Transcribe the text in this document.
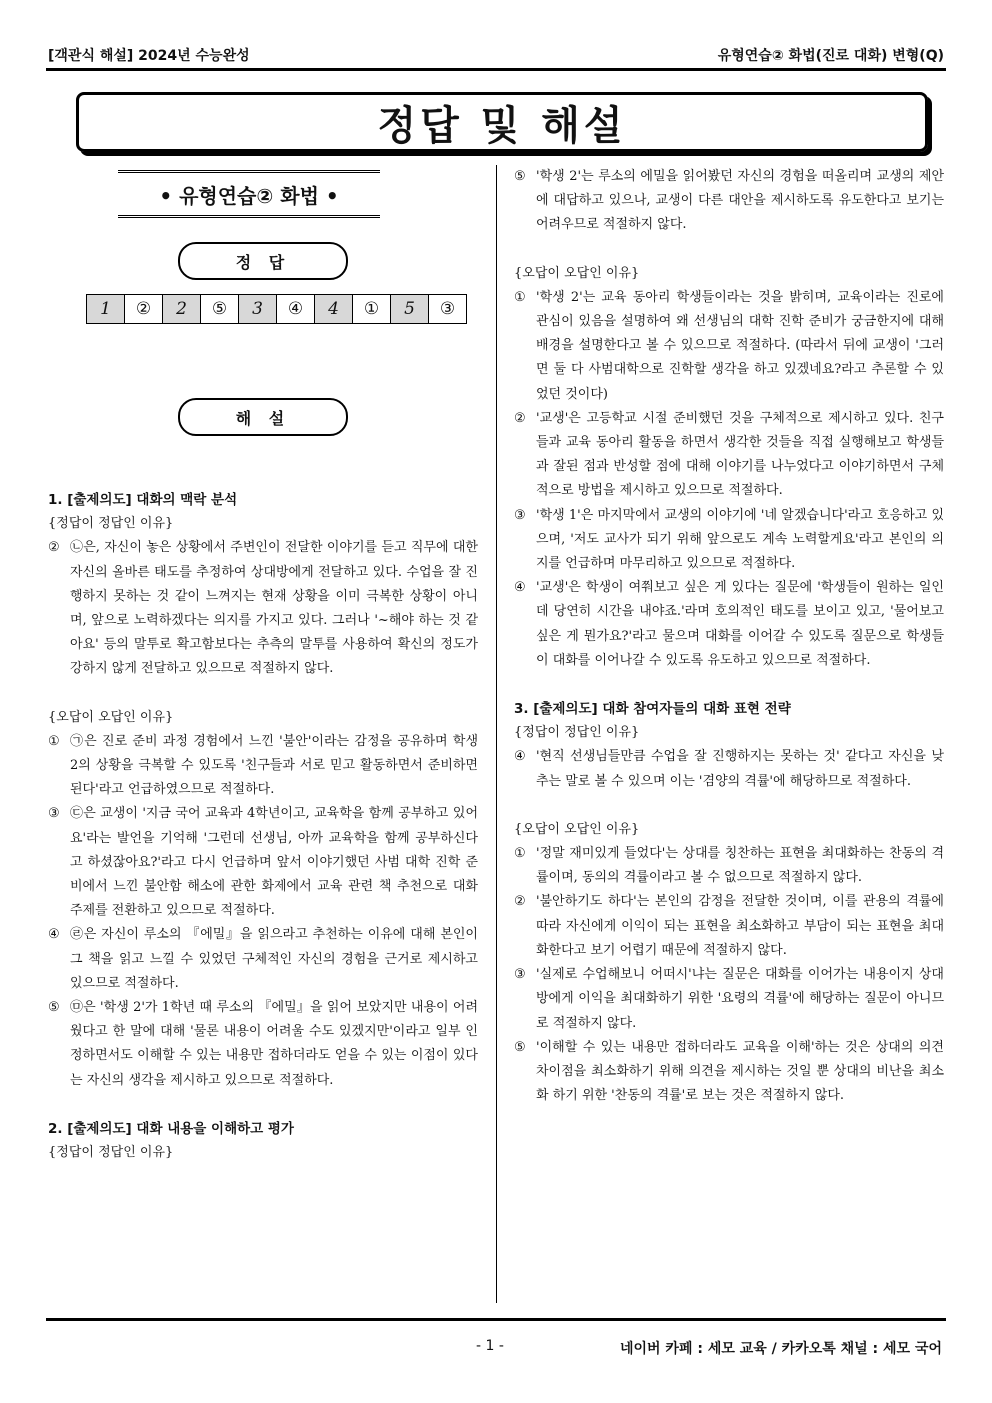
[객관식 해설] 2024년 수능완성	유형연습② 화법(진로 대화) 변형(Q)
정답 및 해설
• 유형연습② 화법 •
정 답
1	②	2	⑤	3	④	4	①	5	③
해 설
1. [출제의도] 대화의 맥락 분석
{정답이 정답인 이유}
② ㉡은, 자신이 놓은 상황에서 주변인이 전달한 이야기를 듣고 직무에 대한 자신의 올바른 태도를 추정하여 상대방에게 전달하고 있다. 수업을 잘 진행하지 못하는 것 같이 느껴지는 현재 상황을 이미 극복한 상황이 아니며, 앞으로 노력하겠다는 의지를 가지고 있다. 그러나 '~해야 하는 것 같아요' 등의 말투로 확고함보다는 추측의 말투를 사용하여 확신의 정도가 강하지 않게 전달하고 있으므로 적절하지 않다.
{오답이 오답인 이유}
① ㉠은 진로 준비 과정 경험에서 느낀 '불안'이라는 감정을 공유하며 학생 2의 상황을 극복할 수 있도록 '친구들과 서로 믿고 활동하면서 준비하면 된다'라고 언급하였으므로 적절하다.
③ ㉢은 교생이 '지금 국어 교육과 4학년이고, 교육학을 함께 공부하고 있어요'라는 발언을 기억해 '그런데 선생님, 아까 교육학을 함께 공부하신다고 하셨잖아요?'라고 다시 언급하며 앞서 이야기했던 사범 대학 진학 준비에서 느낀 불안함 해소에 관한 화제에서 교육 관련 책 추천으로 대화 주제를 전환하고 있으므로 적절하다.
④ ㉣은 자신이 루소의 『에밀』을 읽으라고 추천하는 이유에 대해 본인이 그 책을 읽고 느낄 수 있었던 구체적인 자신의 경험을 근거로 제시하고 있으므로 적절하다.
⑤ ㉤은 '학생 2'가 1학년 때 루소의 『에밀』을 읽어 보았지만 내용이 어려웠다고 한 말에 대해 '물론 내용이 어려울 수도 있겠지만'이라고 일부 인정하면서도 이해할 수 있는 내용만 접하더라도 얻을 수 있는 이점이 있다는 자신의 생각을 제시하고 있으므로 적절하다.
2. [출제의도] 대화 내용을 이해하고 평가
{정답이 정답인 이유}
⑤ '학생 2'는 루소의 에밀을 읽어봤던 자신의 경험을 떠올리며 교생의 제안에 대답하고 있으나, 교생이 다른 대안을 제시하도록 유도한다고 보기는 어려우므로 적절하지 않다.
{오답이 오답인 이유}
① '학생 2'는 교육 동아리 학생들이라는 것을 밝히며, 교육이라는 진로에 관심이 있음을 설명하여 왜 선생님의 대학 진학 준비가 궁금한지에 대해 배경을 설명한다고 볼 수 있으므로 적절하다. (따라서 뒤에 교생이 '그러면 둘 다 사범대학으로 진학할 생각을 하고 있겠네요?라고 추론할 수 있었던 것이다)
② '교생'은 고등학교 시절 준비했던 것을 구체적으로 제시하고 있다. 친구들과 교육 동아리 활동을 하면서 생각한 것들을 직접 실행해보고 학생들과 잘된 점과 반성할 점에 대해 이야기를 나누었다고 이야기하면서 구체적으로 방법을 제시하고 있으므로 적절하다.
③ '학생 1'은 마지막에서 교생의 이야기에 '네 알겠습니다'라고 호응하고 있으며, '저도 교사가 되기 위해 앞으로도 계속 노력할게요'라고 본인의 의지를 언급하며 마무리하고 있으므로 적절하다.
④ '교생'은 학생이 여쭤보고 싶은 게 있다는 질문에 '학생들이 원하는 일인데 당연히 시간을 내야죠.'라며 호의적인 태도를 보이고 있고, '물어보고 싶은 게 뭔가요?'라고 물으며 대화를 이어갈 수 있도록 질문으로 학생들이 대화를 이어나갈 수 있도록 유도하고 있으므로 적절하다.
3. [출제의도] 대화 참여자들의 대화 표현 전략
{정답이 정답인 이유}
④ '현직 선생님들만큼 수업을 잘 진행하지는 못하는 것' 같다고 자신을 낮추는 말로 볼 수 있으며 이는 '겸양의 격률'에 해당하므로 적절하다.
{오답이 오답인 이유}
① '정말 재미있게 들었다'는 상대를 칭찬하는 표현을 최대화하는 찬동의 격률이며, 동의의 격률이라고 볼 수 없으므로 적절하지 않다.
② '불안하기도 하다'는 본인의 감정을 전달한 것이며, 이를 관용의 격률에 따라 자신에게 이익이 되는 표현을 최소화하고 부담이 되는 표현을 최대화한다고 보기 어렵기 때문에 적절하지 않다.
③ '실제로 수업해보니 어떠시'냐는 질문은 대화를 이어가는 내용이지 상대방에게 이익을 최대화하기 위한 '요령의 격률'에 해당하는 질문이 아니므로 적절하지 않다.
⑤ '이해할 수 있는 내용만 접하더라도 교육을 이해'하는 것은 상대의 의견 차이점을 최소화하기 위해 의견을 제시하는 것일 뿐 상대의 비난을 최소화 하기 위한 '찬동의 격률'로 보는 것은 적절하지 않다.
- 1 -	네이버 카페 : 세모 교육 / 카카오톡 채널 : 세모 국어
